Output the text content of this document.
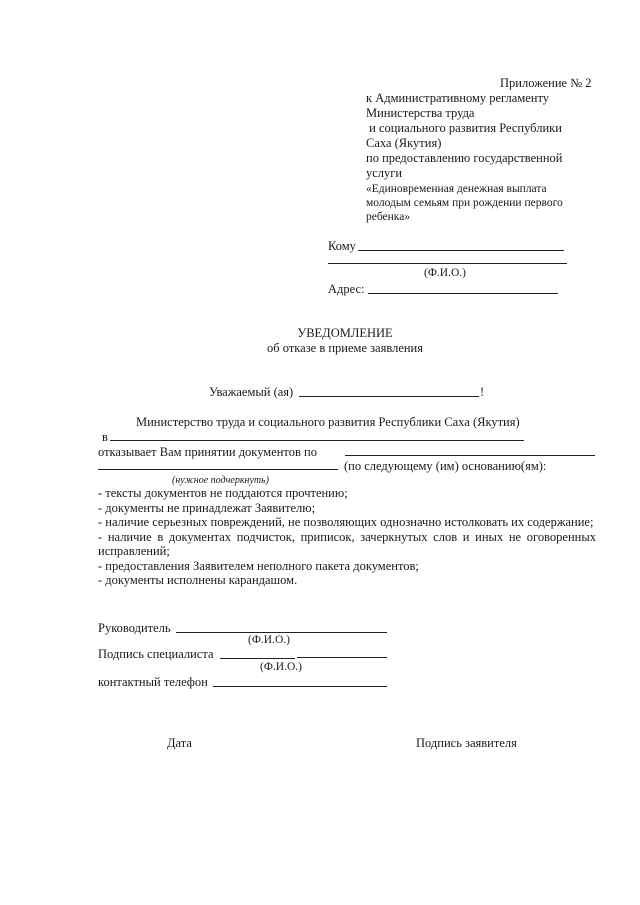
Приложение № 2
к Административному регламенту
Министерства труда
и социального развития Республики
Саха (Якутия)
по предоставлению государственной
услуги
«Единовременная денежная выплата
молодым семьям при рождении первого
ребенка»
Кому
(Ф.И.О.)
Адрес:
УВЕДОМЛЕНИЕ
об отказе в приеме заявления
Уважаемый (ая)	!
Министерство труда и социального развития Республики Саха (Якутия)
в
отказывает Вам принятии документов по
(по следующему (им) основанию(ям):
(нужное подчеркнуть)
- тексты документов не поддаются прочтению;
- документы не принадлежат Заявителю;
- наличие серьезных повреждений, не позволяющих однозначно истолковать их содержание;
- наличие в документах подчисток, приписок, зачеркнутых слов и иных не оговоренных исправлений;
- предоставления Заявителем неполного пакета документов;
- документы исполнены карандашом.
Руководитель
(Ф.И.О.)
Подпись специалиста
(Ф.И.О.)
контактный телефон
Дата	Подпись заявителя
